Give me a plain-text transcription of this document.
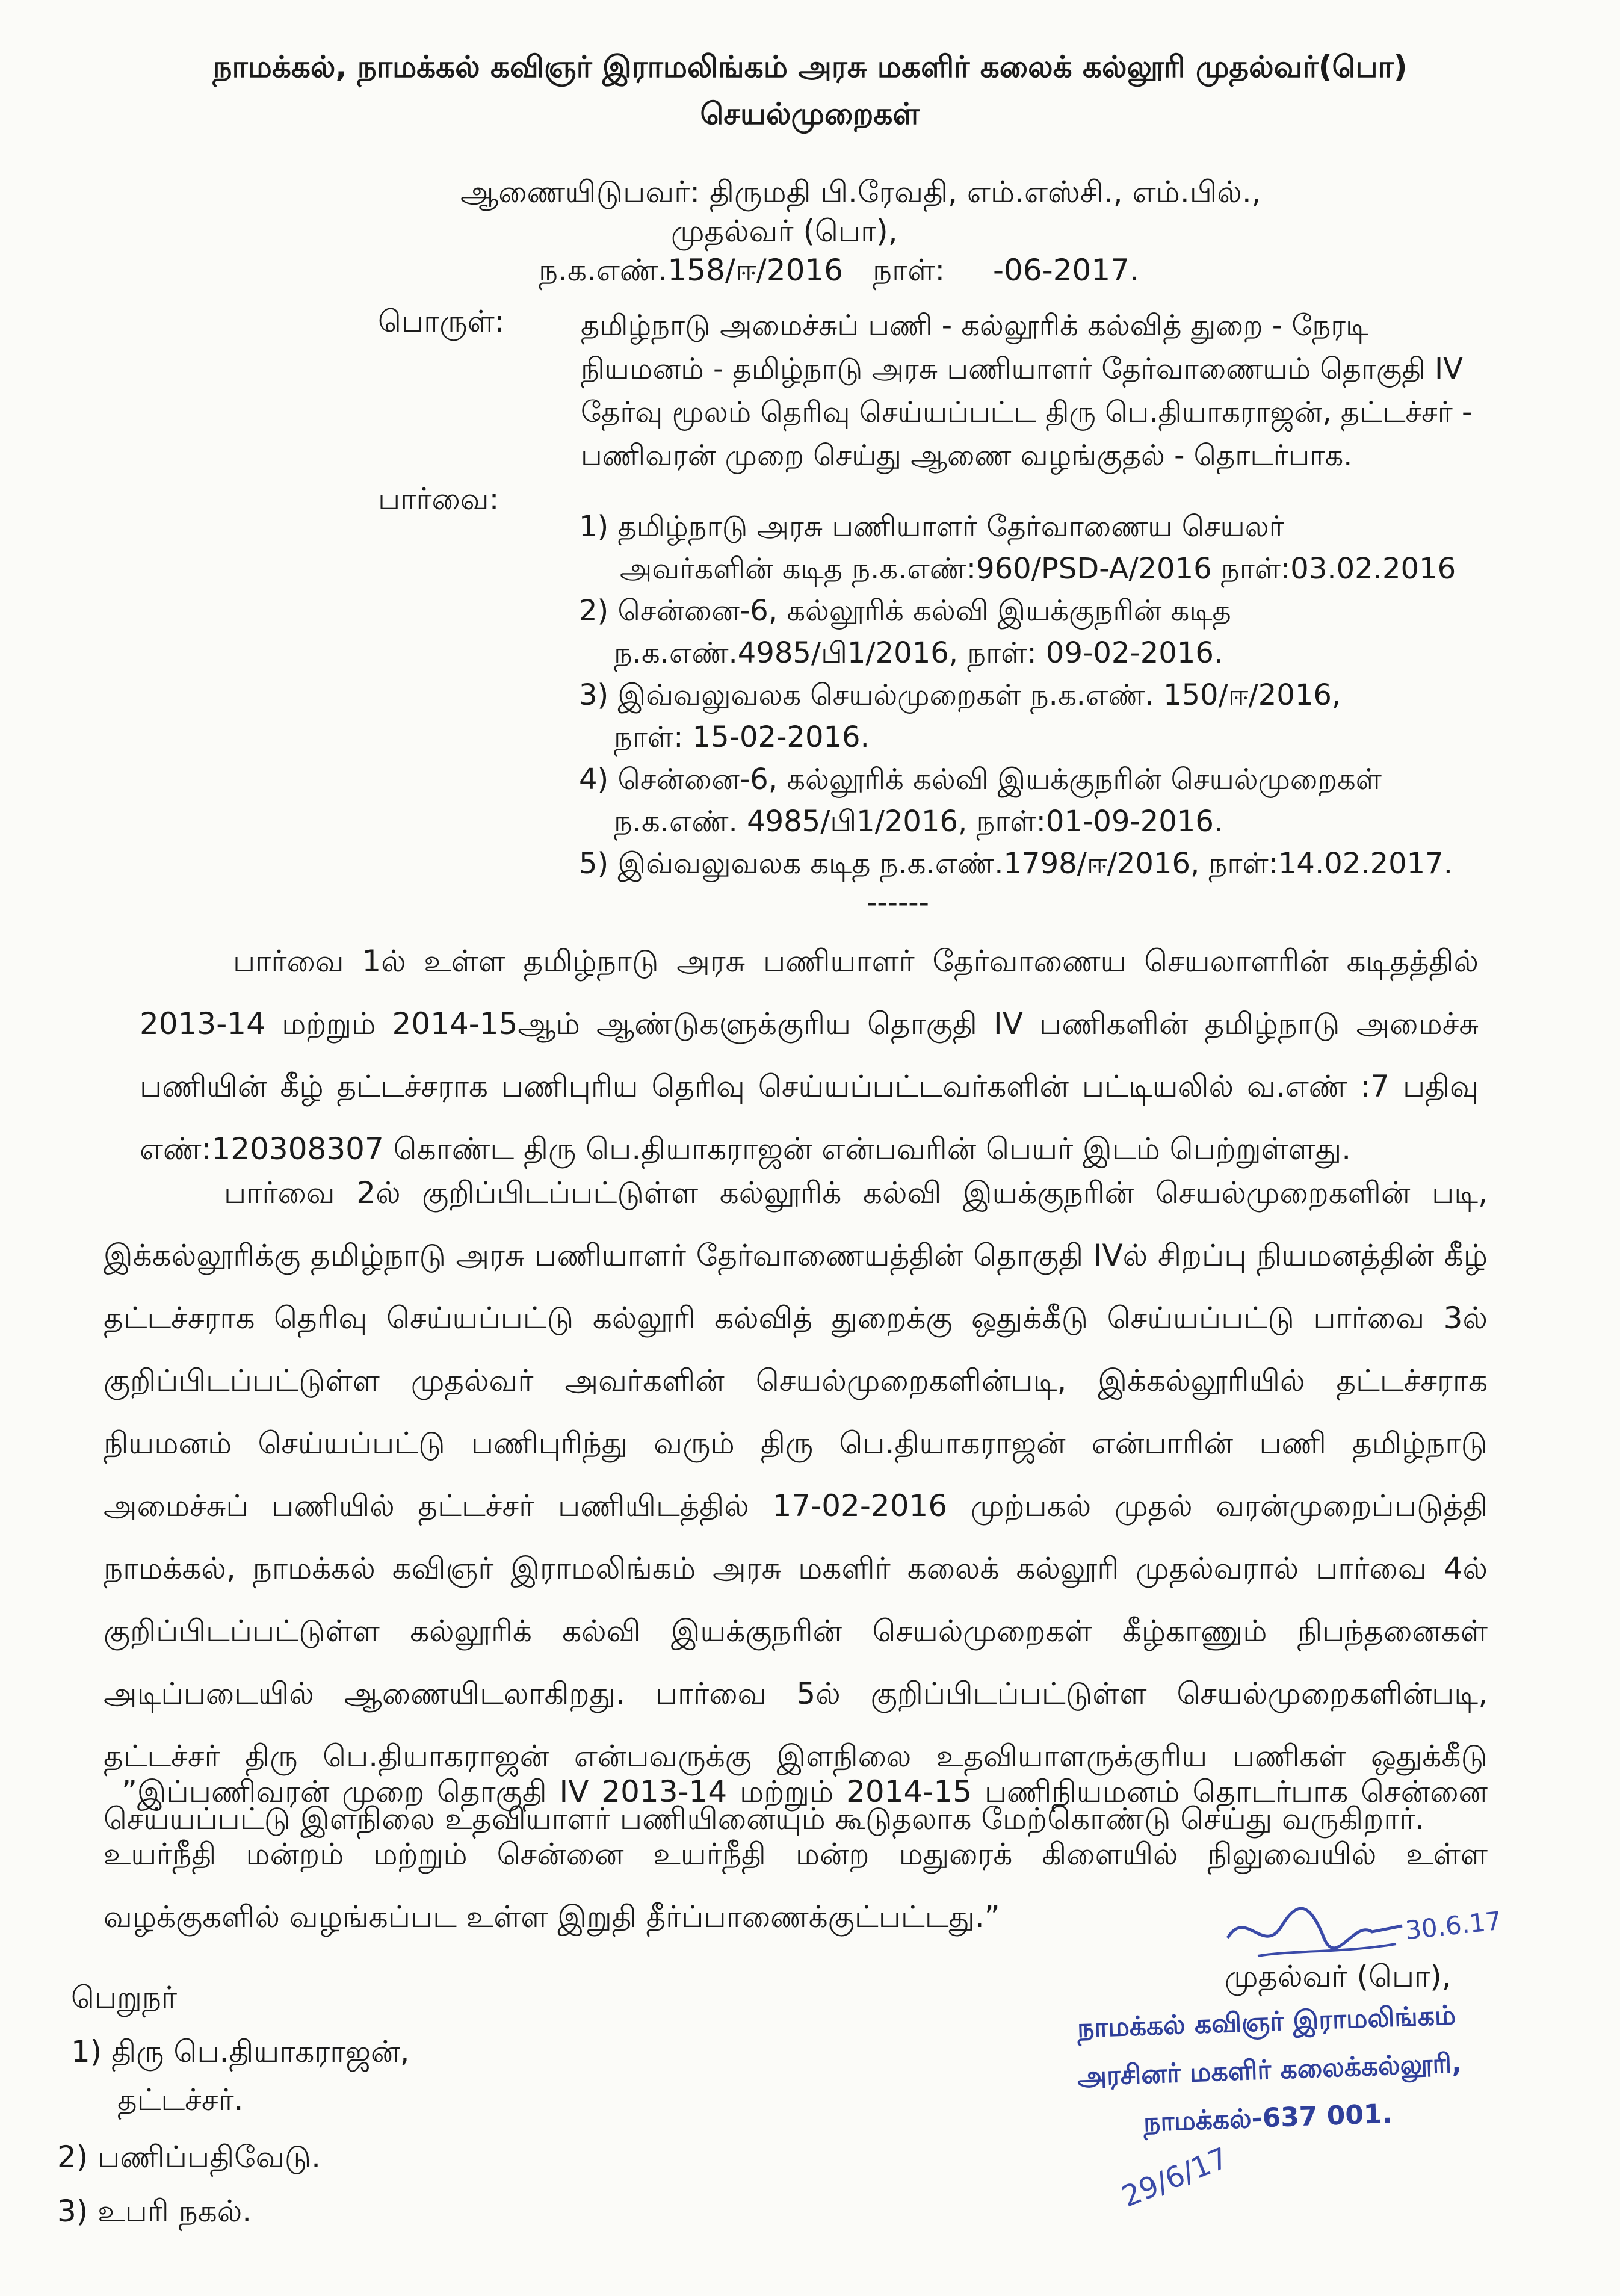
நாமக்கல், நாமக்கல் கவிஞர் இராமலிங்கம் அரசு மகளிர் கலைக் கல்லூரி முதல்வர்(பொ)
செயல்முறைகள்
ஆணையிடுபவர்: திருமதி பி.ரேவதி, எம்.எஸ்சி., எம்.பில்.,
முதல்வர் (பொ),
ந.க.எண்.158/ஈ/2016 நாள்: -06-2017.
பொருள்:	தமிழ்நாடு அமைச்சுப் பணி - கல்லூரிக் கல்வித் துறை - நேரடி நியமனம் - தமிழ்நாடு அரசு பணியாளர் தேர்வாணையம் தொகுதி IV தேர்வு மூலம் தெரிவு செய்யப்பட்ட திரு பெ.தியாகராஜன், தட்டச்சர் - பணிவரன் முறை செய்து ஆணை வழங்குதல் - தொடர்பாக.
பார்வை:
1) தமிழ்நாடு அரசு பணியாளர் தேர்வாணைய செயலர்
அவர்களின் கடித ந.க.எண்:960/PSD-A/2016 நாள்:03.02.2016
2) சென்னை-6, கல்லூரிக் கல்வி இயக்குநரின் கடித
ந.க.எண்.4985/பி1/2016, நாள்: 09-02-2016.
3) இவ்வலுவலக செயல்முறைகள் ந.க.எண். 150/ஈ/2016,
நாள்: 15-02-2016.
4) சென்னை-6, கல்லூரிக் கல்வி இயக்குநரின் செயல்முறைகள்
ந.க.எண். 4985/பி1/2016, நாள்:01-09-2016.
5) இவ்வலுவலக கடித ந.க.எண்.1798/ஈ/2016, நாள்:14.02.2017.
------
பார்வை 1ல் உள்ள தமிழ்நாடு அரசு பணியாளர் தேர்வாணைய செயலாளரின் கடிதத்தில் 2013-14 மற்றும் 2014-15ஆம் ஆண்டுகளுக்குரிய தொகுதி IV பணிகளின் தமிழ்நாடு அமைச்சு பணியின் கீழ் தட்டச்சராக பணிபுரிய தெரிவு செய்யப்பட்டவர்களின் பட்டியலில் வ.எண் :7 பதிவு எண்:120308307 கொண்ட திரு பெ.தியாகராஜன் என்பவரின் பெயர் இடம் பெற்றுள்ளது.
பார்வை 2ல் குறிப்பிடப்பட்டுள்ள கல்லூரிக் கல்வி இயக்குநரின் செயல்முறைகளின் படி, இக்கல்லூரிக்கு தமிழ்நாடு அரசு பணியாளர் தேர்வாணையத்தின் தொகுதி IVல் சிறப்பு நியமனத்தின் கீழ் தட்டச்சராக தெரிவு செய்யப்பட்டு கல்லூரி கல்வித் துறைக்கு ஒதுக்கீடு செய்யப்பட்டு பார்வை 3ல் குறிப்பிடப்பட்டுள்ள முதல்வர் அவர்களின் செயல்முறைகளின்படி, இக்கல்லூரியில் தட்டச்சராக நியமனம் செய்யப்பட்டு பணிபுரிந்து வரும் திரு பெ.தியாகராஜன் என்பாரின் பணி தமிழ்நாடு அமைச்சுப் பணியில் தட்டச்சர் பணியிடத்தில் 17-02-2016 முற்பகல் முதல் வரன்முறைப்படுத்தி நாமக்கல், நாமக்கல் கவிஞர் இராமலிங்கம் அரசு மகளிர் கலைக் கல்லூரி முதல்வரால் பார்வை 4ல் குறிப்பிடப்பட்டுள்ள கல்லூரிக் கல்வி இயக்குநரின் செயல்முறைகள் கீழ்காணும் நிபந்தனைகள் அடிப்படையில் ஆணையிடலாகிறது. பார்வை 5ல் குறிப்பிடப்பட்டுள்ள செயல்முறைகளின்படி, தட்டச்சர் திரு பெ.தியாகராஜன் என்பவருக்கு இளநிலை உதவியாளருக்குரிய பணிகள் ஒதுக்கீடு செய்யப்பட்டு இளநிலை உதவியாளர் பணியினையும் கூடுதலாக மேற்கொண்டு செய்து வருகிறார்.
”இப்பணிவரன் முறை தொகுதி IV 2013-14 மற்றும் 2014-15 பணிநியமனம் தொடர்பாக சென்னை உயர்நீதி மன்றம் மற்றும் சென்னை உயர்நீதி மன்ற மதுரைக் கிளையில் நிலுவையில் உள்ள வழக்குகளில் வழங்கப்பட உள்ள இறுதி தீர்ப்பாணைக்குட்பட்டது.”	30.6.17
முதல்வர் (பொ),
நாமக்கல் கவிஞர் இராமலிங்கம்
அரசினர் மகளிர் கலைக்கல்லூரி,
நாமக்கல்-637 001.
29/6/17
பெறுநர்
1) திரு பெ.தியாகராஜன்,
தட்டச்சர்.
2) பணிப்பதிவேடு.
3) உபரி நகல்.
